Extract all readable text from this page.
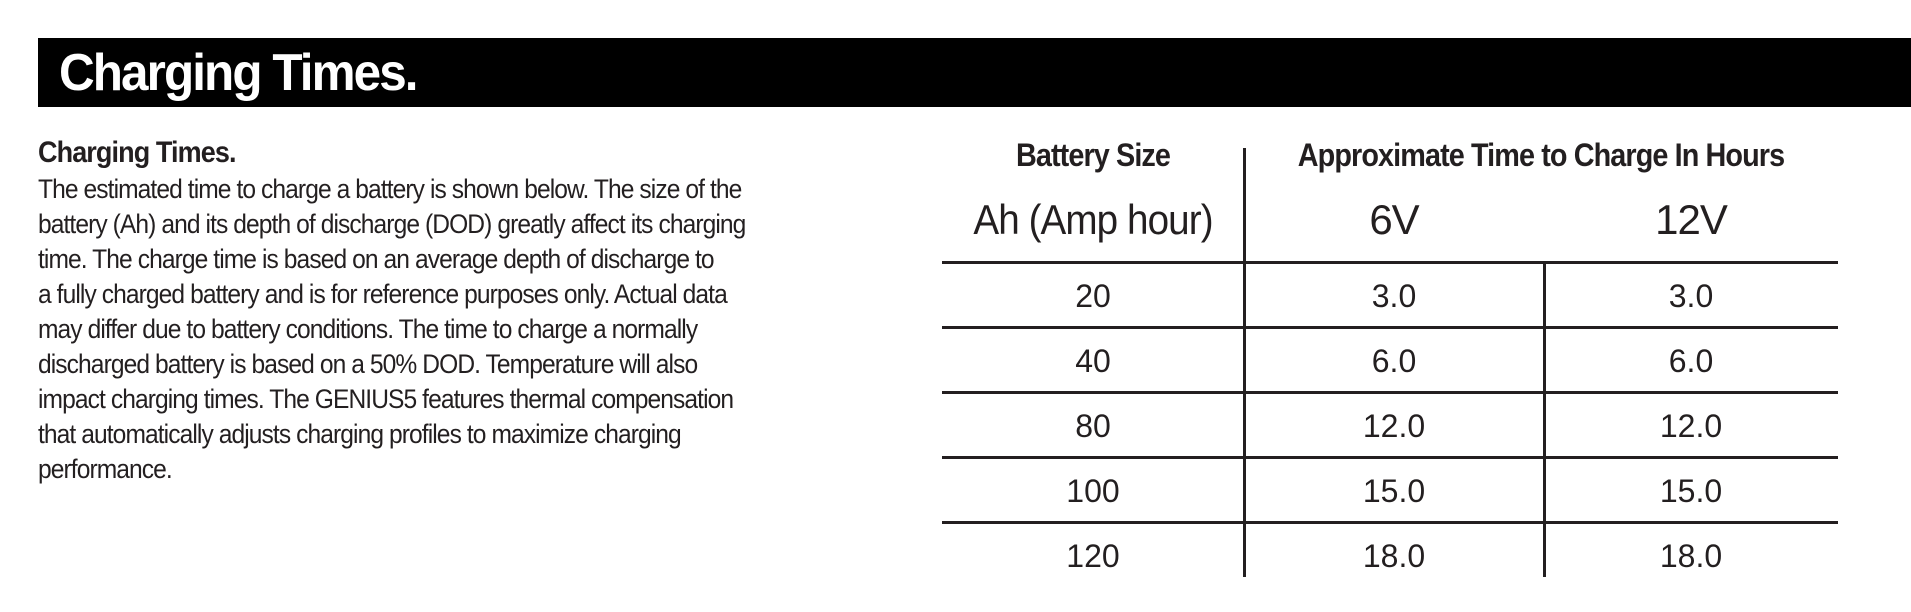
Charging Times.
Charging Times.

The estimated time to charge a battery is shown below. The size of the
battery (Ah) and its depth of discharge (DOD) greatly affect its charging
time. The charge time is based on an average depth of discharge to
a fully charged battery and is for reference purposes only. Actual data
may differ due to battery conditions. The time to charge a normally
discharged battery is based on a 50% DOD. Temperature will also
impact charging times. The GENIUS5 features thermal compensation
that automatically adjusts charging profiles to maximize charging
performance.

Battery Size	Approximate Time to Charge In Hours
Ah (Amp hour)	6V	12V
20	3.0	3.0
40	6.0	6.0
80	12.0	12.0
100	15.0	15.0
120	18.0	18.0
